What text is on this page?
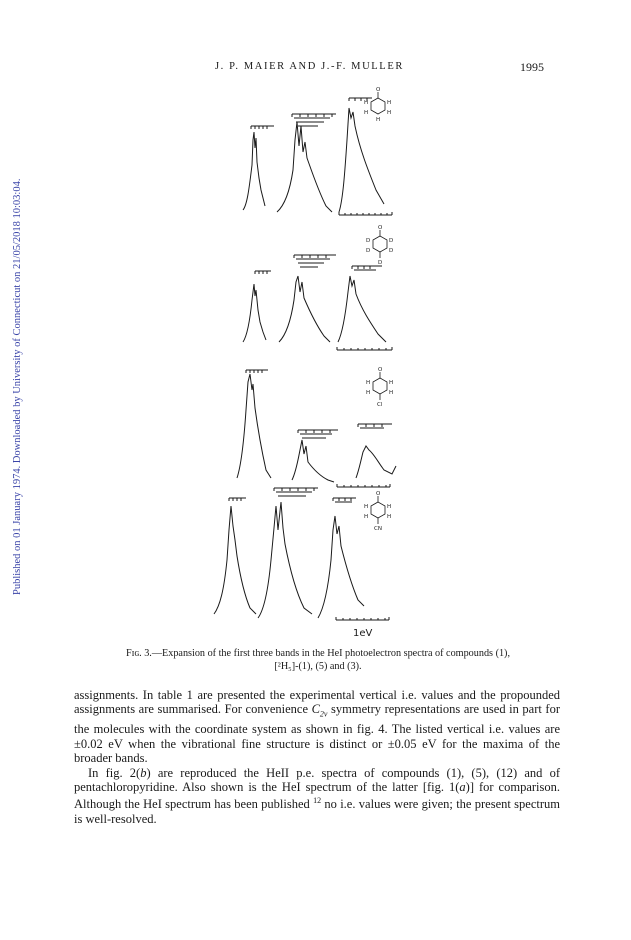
Published on 01 January 1974. Downloaded by University of Connecticut on 21/05/2018 10:03:04.
J. P. MAIER AND J.-F. MULLER	1995
O
H	H
H	H
H
O
D	D
D	D
D
O
H	H
H	H
Cl
O
H	H
H	H
CN
1eV
Fɪɢ. 3.—Expansion of the first three bands in the HeI photoelectron spectra of compounds (1),
[²H₅]-(1), (5) and (3).

assignments. In table 1 are presented the experimental vertical i.e. values and the propounded assignments are summarised. For convenience $C_{2v}$ symmetry representations are used in part for the molecules with the coordinate system as shown in fig. 4. The listed vertical i.e. values are ±0.02 eV when the vibrational fine structure is distinct or ±0.05 eV for the maxima of the broader bands.

In fig. 2(b) are reproduced the HeII p.e. spectra of compounds (1), (5), (12) and of pentachloropyridine. Also shown is the HeI spectrum of the latter [fig. 1(a)] for comparison. Although the HeI spectrum has been published $^{12}$ no i.e. values were given; the present spectrum is well-resolved.
